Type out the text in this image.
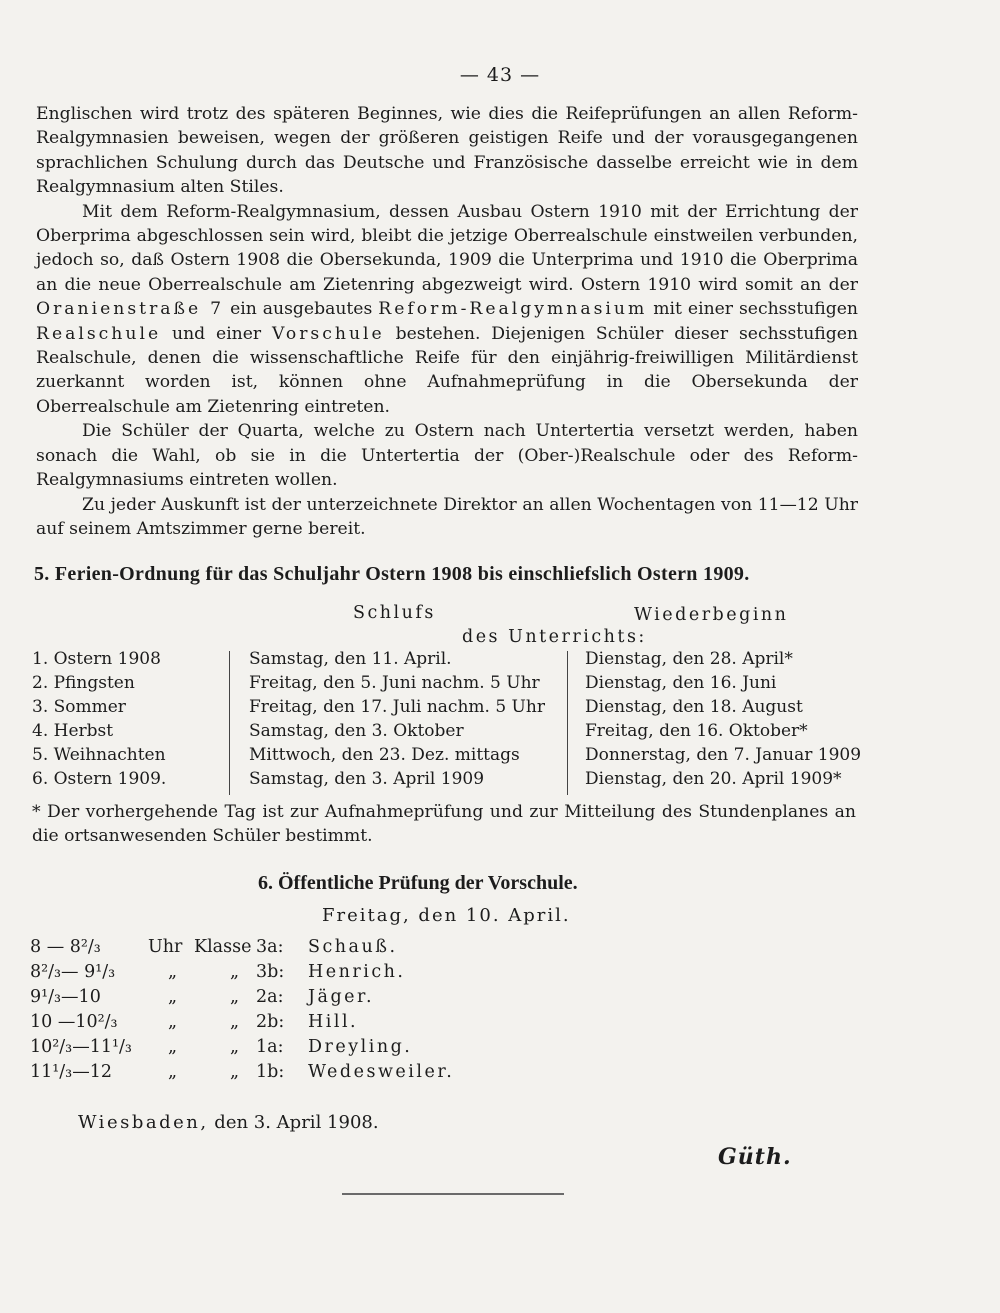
— 43 —

Englischen wird trotz des späteren Beginnes, wie dies die Reifeprüfungen an allen Reform-Realgymnasien beweisen, wegen der größeren geistigen Reife und der vorausgegangenen sprachlichen Schulung durch das Deutsche und Französische dasselbe erreicht wie in dem Realgymnasium alten Stiles.

Mit dem Reform-Realgymnasium, dessen Ausbau Ostern 1910 mit der Errichtung der Oberprima abgeschlossen sein wird, bleibt die jetzige Oberrealschule einstweilen verbunden, jedoch so, daß Ostern 1908 die Obersekunda, 1909 die Unterprima und 1910 die Oberprima an die neue Oberrealschule am Zietenring abgezweigt wird. Ostern 1910 wird somit an der Oranienstraße 7 ein ausgebautes Reform-Realgymnasium mit einer sechsstufigen Realschule und einer Vorschule bestehen. Diejenigen Schüler dieser sechsstufigen Realschule, denen die wissenschaftliche Reife für den einjährig-freiwilligen Militärdienst zuerkannt worden ist, können ohne Aufnahmeprüfung in die Obersekunda der Oberrealschule am Zietenring eintreten.

Die Schüler der Quarta, welche zu Ostern nach Untertertia versetzt werden, haben sonach die Wahl, ob sie in die Untertertia der (Ober-)Realschule oder des Reform-Realgymnasiums eintreten wollen.

Zu jeder Auskunft ist der unterzeichnete Direktor an allen Wochentagen von 11—12 Uhr auf seinem Amtszimmer gerne bereit.

5. Ferien-Ordnung für das Schuljahr Ostern 1908 bis einschliefslich Ostern 1909.
Schlufs	Wiederbeginn
des Unterrichts:
1. Ostern 1908	Samstag, den 11. April.	Dienstag, den 28. April*
2. Pfingsten	Freitag, den 5. Juni nachm. 5 Uhr	Dienstag, den 16. Juni
3. Sommer	Freitag, den 17. Juli nachm. 5 Uhr Dienstag, den 18. August
4. Herbst	Samstag, den 3. Oktober	Freitag, den 16. Oktober*
5. Weihnachten	Mittwoch, den 23. Dez. mittags	Donnerstag, den 7. Januar 1909
6. Ostern 1909.	Samstag, den 3. April 1909	Dienstag, den 20. April 1909*
* Der vorhergehende Tag ist zur Aufnahmeprüfung und zur Mitteilung des Stundenplanes an die ortsanwesenden Schüler bestimmt.
6. Öffentliche Prüfung der Vorschule.
Freitag, den 10. April.
8 — 8²/₃	Uhr Klasse 3a: Schauß.
8²/₃— 9¹/₃	„	„ 3b: Henrich.
9¹/₃—10	„	„ 2a: Jäger.
10 —10²/₃	„	„ 2b: Hill.
10²/₃—11¹/₃ „	„ 1a: Dreyling.
11¹/₃—12	„	„ 1b: Wedesweiler.
Wiesbaden, den 3. April 1908.
Güth.
